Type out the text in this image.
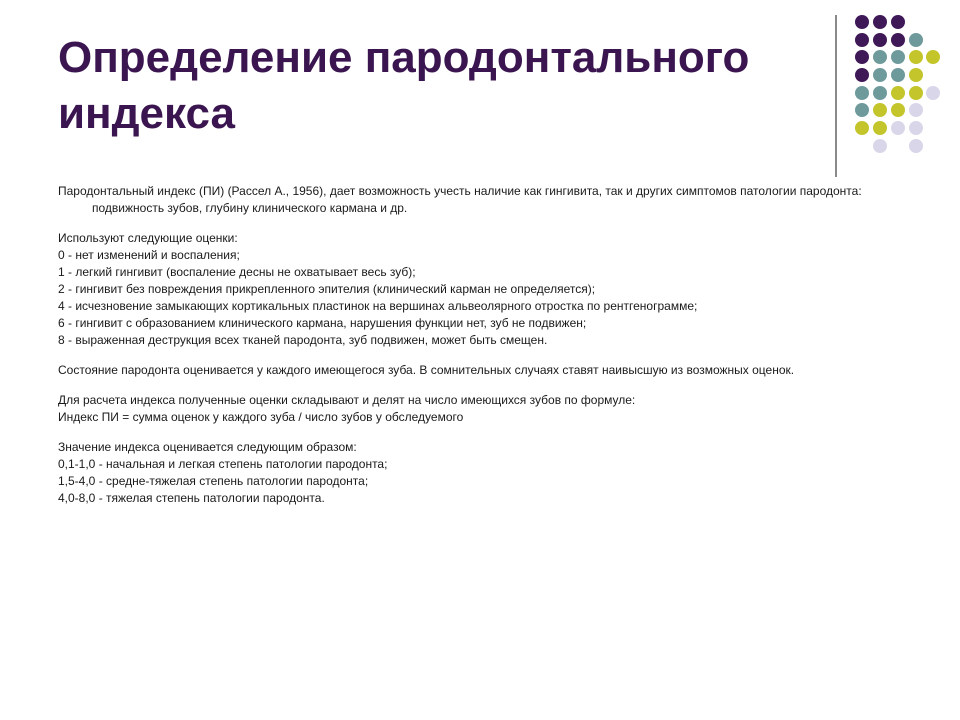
Определение пародонтального
индекса

Пародонтальный индекс (ПИ) (Рассел А., 1956), дает возможность учесть наличие как гингивита, так и других симптомов патологии пародонта: подвижность зубов, глубину клинического кармана и др.

Используют следующие оценки:

0 - нет изменений и воспаления;

1 - легкий гингивит (воспаление десны не охватывает весь зуб);

2 - гингивит без повреждения прикрепленного эпителия (клинический карман не определяется);

4 - исчезновение замыкающих кортикальных пластинок на вершинах альвеолярного отростка по рентгенограмме;

6 - гингивит с образованием клинического кармана, нарушения функции нет, зуб не подвижен;

8 - выраженная деструкция всех тканей пародонта, зуб подвижен, может быть смещен.

Состояние пародонта оценивается у каждого имеющегося зуба. В сомнительных случаях ставят наивысшую из возможных оценок.

Для расчета индекса полученные оценки складывают и делят на число имеющихся зубов по формуле:

Индекс ПИ = сумма оценок у каждого зуба / число зубов у обследуемого

Значение индекса оценивается следующим образом:

0,1-1,0 - начальная и легкая степень патологии пародонта;

1,5-4,0 - средне-тяжелая степень патологии пародонта;

4,0-8,0 - тяжелая степень патологии пародонта.
